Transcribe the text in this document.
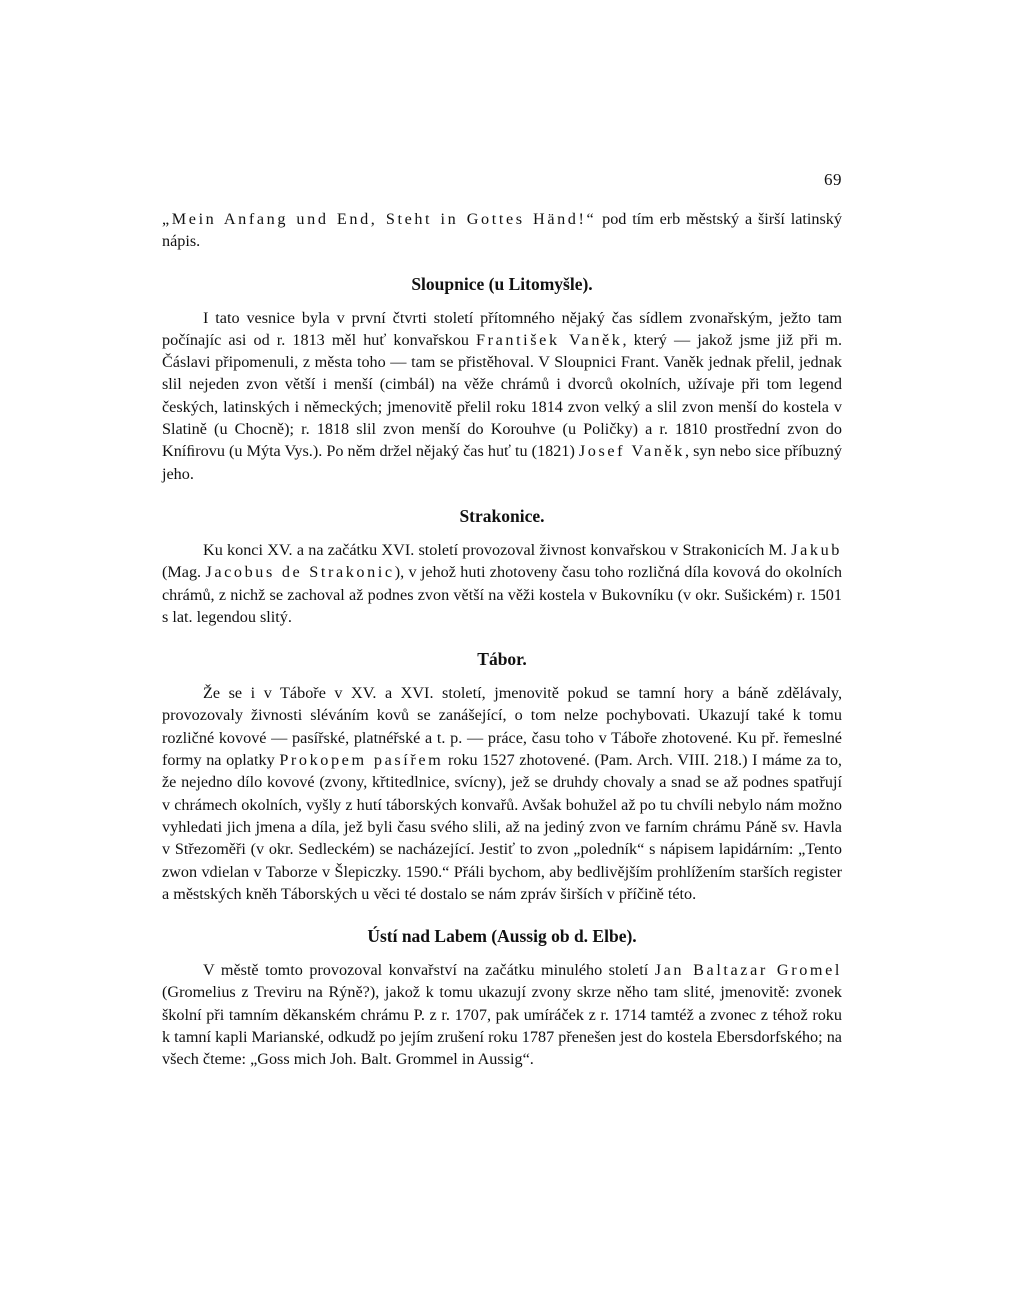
69

„Mein Anfang und End, Steht in Gottes Händ!“ pod tím erb městský a širší latinský nápis.

Sloupnice (u Litomyšle).

I tato vesnice byla v první čtvrti století přítomného nějaký čas sídlem zvonařským, ježto tam počínajíc asi od r. 1813 měl huť konvařskou František Vaněk, který — jakož jsme již při m. Čáslavi připomenuli, z města toho — tam se přistěhoval. V Sloupnici Frant. Vaněk jednak přelil, jednak slil nejeden zvon větší i menší (cimbál) na věže chrámů i dvorců okolních, užívaje při tom legend českých, latinských i německých; jmenovitě přelil roku 1814 zvon velký a slil zvon menší do kostela v Slatině (u Chocně); r. 1818 slil zvon menší do Korouhve (u Poličky) a r. 1810 prostřední zvon do Kníﬁrovu (u Mýta Vys.). Po něm držel nějaký čas huť tu (1821) Josef Vaněk, syn nebo sice příbuzný jeho.

Strakonice.

Ku konci XV. a na začátku XVI. století provozoval živnost konvařskou v Strakonicích M. Jakub (Mag. Jacobus de Strakonic), v jehož huti zhotoveny času toho rozličná díla kovová do okolních chrámů, z nichž se zachoval až podnes zvon větší na věži kostela v Bukovníku (v okr. Sušickém) r. 1501 s lat. legendou slitý.

Tábor.

Že se i v Táboře v XV. a XVI. století, jmenovitě pokud se tamní hory a báně zdělávaly, provozovaly živnosti sléváním kovů se zanášející, o tom nelze pochybovati. Ukazují také k tomu rozličné kovové — pasířské, platnéřské a t. p. — práce, času toho v Táboře zhotovené. Ku př. řemeslné formy na oplatky Prokopem pasířem roku 1527 zhotovené. (Pam. Arch. VIII. 218.) I máme za to, že nejedno dílo kovové (zvony, křtitedlnice, svícny), jež se druhdy chovaly a snad se až podnes spatřují v chrámech okolních, vyšly z hutí táborských konvařů. Avšak bohužel až po tu chvíli nebylo nám možno vyhledati jich jmena a díla, jež byli času svého slili, až na jediný zvon ve farním chrámu Páně sv. Havla v Střezoměři (v okr. Sedleckém) se nacházející. Jestiť to zvon „poledník“ s nápisem lapidárním: „Tento zwon vdielan v Taborze v Šlepiczky. 1590.“ Přáli bychom, aby bedlivějším prohlížením starších register a městských kněh Táborských u věci té dostalo se nám zpráv širších v příčině této.

Ústí nad Labem (Aussig ob d. Elbe).

V městě tomto provozoval konvařství na začátku minulého století Jan Baltazar Gromel (Gromelius z Treviru na Rýně?), jakož k tomu ukazují zvony skrze něho tam slité, jmenovitě: zvonek školní při tamním děkanském chrámu P. z r. 1707, pak umíráček z r. 1714 tamtéž a zvonec z téhož roku k tamní kapli Marianské, odkudž po jejím zrušení roku 1787 přenešen jest do kostela Ebersdorfského; na všech čteme: „Goss mich Joh. Balt. Grommel in Aussig“.
